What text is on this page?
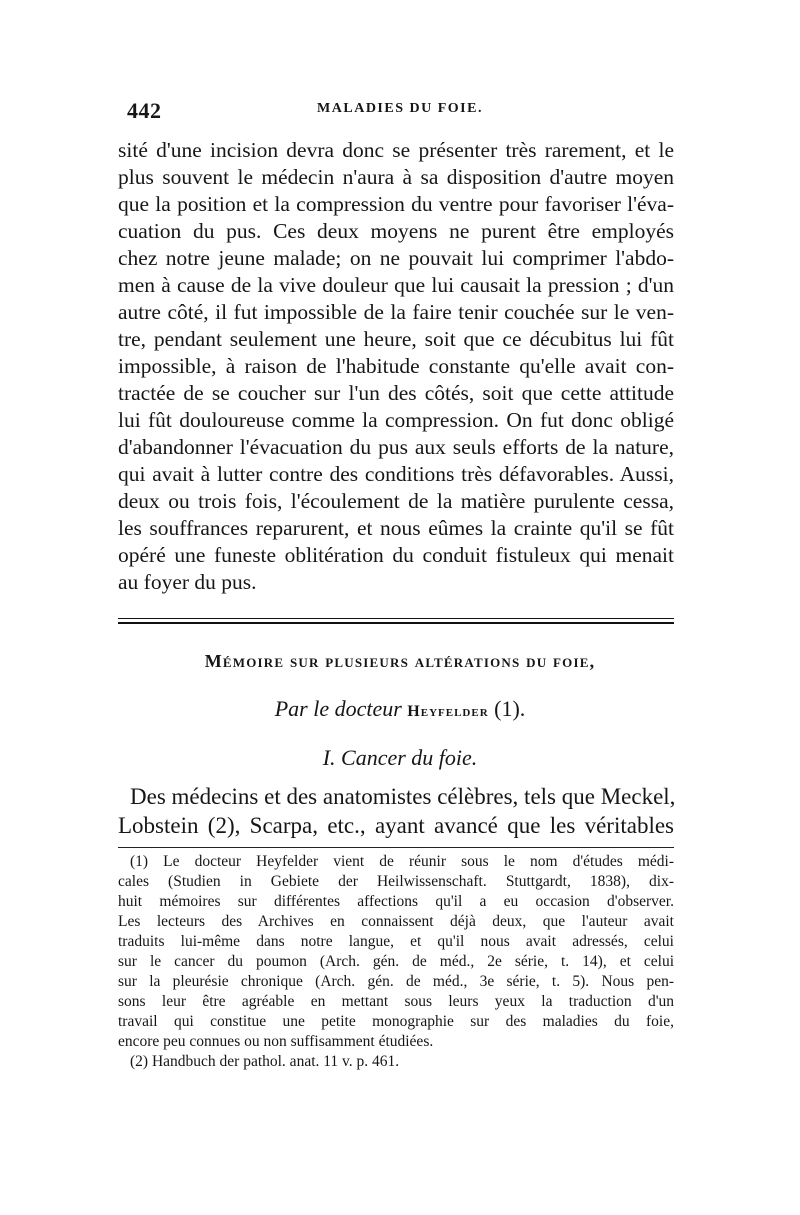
442	MALADIES DU FOIE.
sité d'une incision devra donc se présenter très rarement, et le
plus souvent le médecin n'aura à sa disposition d'autre moyen
que la position et la compression du ventre pour favoriser l'éva-
cuation du pus. Ces deux moyens ne purent être employés
chez notre jeune malade; on ne pouvait lui comprimer l'abdo-
men à cause de la vive douleur que lui causait la pression ; d'un
autre côté, il fut impossible de la faire tenir couchée sur le ven-
tre, pendant seulement une heure, soit que ce décubitus lui fût
impossible, à raison de l'habitude constante qu'elle avait con-
tractée de se coucher sur l'un des côtés, soit que cette attitude
lui fût douloureuse comme la compression. On fut donc obligé
d'abandonner l'évacuation du pus aux seuls efforts de la nature,
qui avait à lutter contre des conditions très défavorables. Aussi,
deux ou trois fois, l'écoulement de la matière purulente cessa,
les souffrances reparurent, et nous eûmes la crainte qu'il se fût
opéré une funeste oblitération du conduit fistuleux qui menait
au foyer du pus.
Mémoire sur plusieurs altérations du foie,
Par le docteur Heyfelder (1).
I. Cancer du foie.
Des médecins et des anatomistes célèbres, tels que Meckel,
Lobstein (2), Scarpa, etc., ayant avancé que les véritables
(1) Le docteur Heyfelder vient de réunir sous le nom d'études médi-
cales (Studien in Gebiete der Heilwissenschaft. Stuttgardt, 1838), dix-
huit mémoires sur différentes affections qu'il a eu occasion d'observer.
Les lecteurs des Archives en connaissent déjà deux, que l'auteur avait
traduits lui-même dans notre langue, et qu'il nous avait adressés, celui
sur le cancer du poumon (Arch. gén. de méd., 2e série, t. 14), et celui
sur la pleurésie chronique (Arch. gén. de méd., 3e série, t. 5). Nous pen-
sons leur être agréable en mettant sous leurs yeux la traduction d'un
travail qui constitue une petite monographie sur des maladies du foie,
encore peu connues ou non suffisamment étudiées.
(2) Handbuch der pathol. anat. 11 v. p. 461.
